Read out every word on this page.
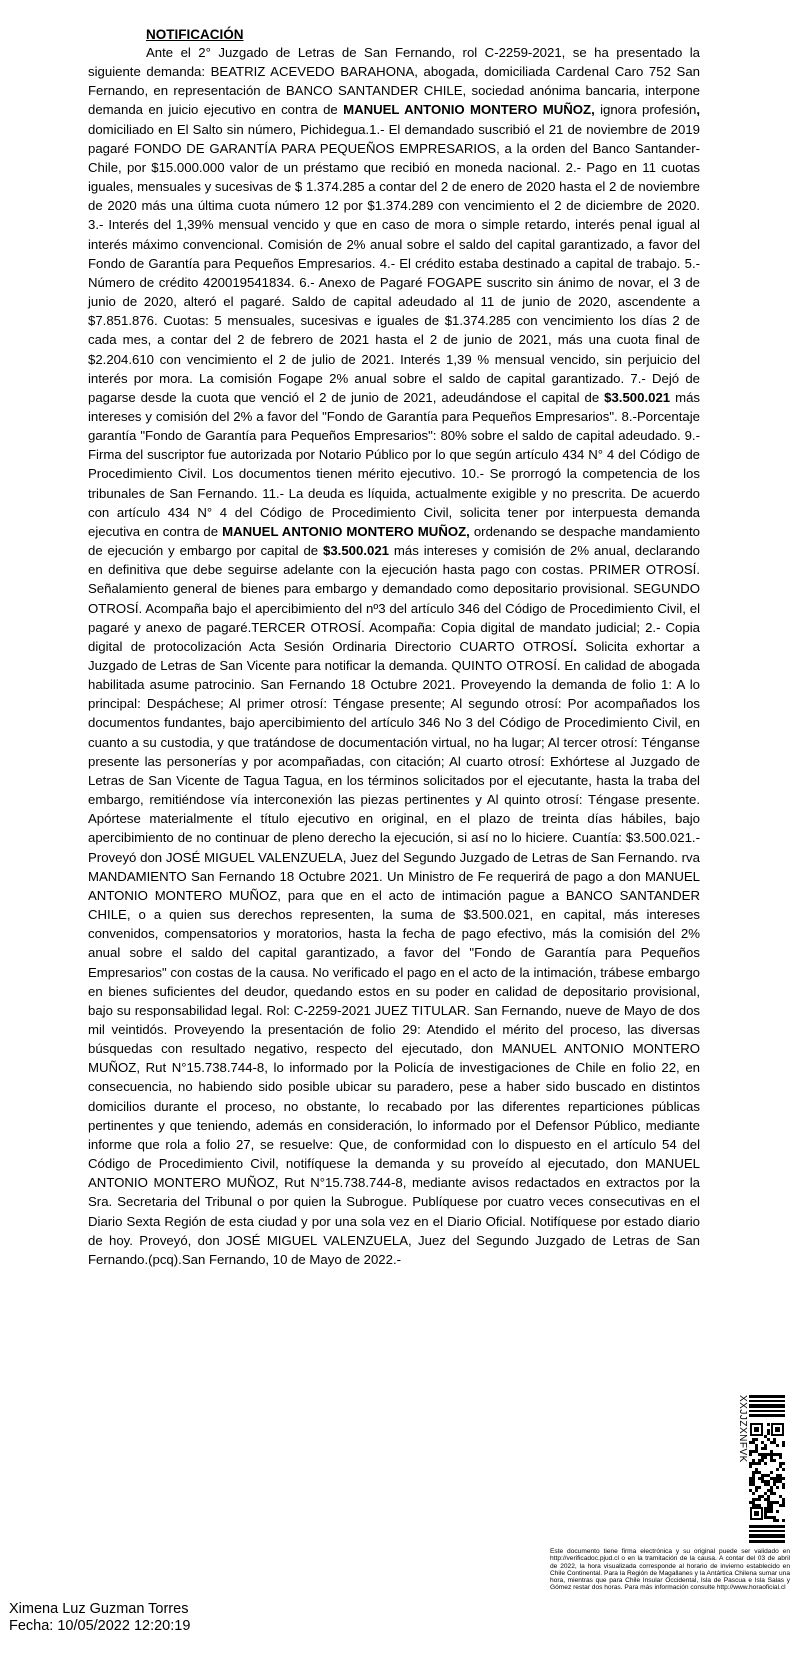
NOTIFICACIÓN

Ante el 2° Juzgado de Letras de San Fernando, rol C-2259-2021, se ha presentado la siguiente demanda: BEATRIZ ACEVEDO BARAHONA, abogada, domiciliada Cardenal Caro 752 San Fernando, en representación de BANCO SANTANDER CHILE, sociedad anónima bancaria, interpone demanda en juicio ejecutivo en contra de MANUEL ANTONIO MONTERO MUÑOZ, ignora profesión, domiciliado en El Salto sin número, Pichidegua.1.- El demandado suscribió el 21 de noviembre de 2019 pagaré FONDO DE GARANTÍA PARA PEQUEÑOS EMPRESARIOS, a la orden del Banco Santander-Chile, por $15.000.000 valor de un préstamo que recibió en moneda nacional. 2.- Pago en 11 cuotas iguales, mensuales y sucesivas de $ 1.374.285 a contar del 2 de enero de 2020 hasta el 2 de noviembre de 2020 más una última cuota número 12 por $1.374.289 con vencimiento el 2 de diciembre de 2020. 3.- Interés del 1,39% mensual vencido y que en caso de mora o simple retardo, interés penal igual al interés máximo convencional. Comisión de 2% anual sobre el saldo del capital garantizado, a favor del Fondo de Garantía para Pequeños Empresarios. 4.- El crédito estaba destinado a capital de trabajo. 5.- Número de crédito 420019541834. 6.- Anexo de Pagaré FOGAPE suscrito sin ánimo de novar, el 3 de junio de 2020, alteró el pagaré. Saldo de capital adeudado al 11 de junio de 2020, ascendente a $7.851.876. Cuotas: 5 mensuales, sucesivas e iguales de $1.374.285 con vencimiento los días 2 de cada mes, a contar del 2 de febrero de 2021 hasta el 2 de junio de 2021, más una cuota final de $2.204.610 con vencimiento el 2 de julio de 2021. Interés 1,39 % mensual vencido, sin perjuicio del interés por mora. La comisión Fogape 2% anual sobre el saldo de capital garantizado. 7.- Dejó de pagarse desde la cuota que venció el 2 de junio de 2021, adeudándose el capital de $3.500.021 más intereses y comisión del 2% a favor del "Fondo de Garantía para Pequeños Empresarios". 8.-Porcentaje garantía "Fondo de Garantía para Pequeños Empresarios": 80% sobre el saldo de capital adeudado. 9.- Firma del suscriptor fue autorizada por Notario Público por lo que según artículo 434 N° 4 del Código de Procedimiento Civil. Los documentos tienen mérito ejecutivo. 10.- Se prorrogó la competencia de los tribunales de San Fernando. 11.- La deuda es líquida, actualmente exigible y no prescrita. De acuerdo con artículo 434 N° 4 del Código de Procedimiento Civil, solicita tener por interpuesta demanda ejecutiva en contra de MANUEL ANTONIO MONTERO MUÑOZ, ordenando se despache mandamiento de ejecución y embargo por capital de $3.500.021 más intereses y comisión de 2% anual, declarando en definitiva que debe seguirse adelante con la ejecución hasta pago con costas. PRIMER OTROSÍ. Señalamiento general de bienes para embargo y demandado como depositario provisional. SEGUNDO OTROSÍ. Acompaña bajo el apercibimiento del nº3 del artículo 346 del Código de Procedimiento Civil, el pagaré y anexo de pagaré.TERCER OTROSÍ. Acompaña: Copia digital de mandato judicial; 2.- Copia digital de protocolización Acta Sesión Ordinaria Directorio CUARTO OTROSÍ. Solicita exhortar a Juzgado de Letras de San Vicente para notificar la demanda. QUINTO OTROSÍ. En calidad de abogada habilitada asume patrocinio. San Fernando 18 Octubre 2021. Proveyendo la demanda de folio 1: A lo principal: Despáchese; Al primer otrosí: Téngase presente; Al segundo otrosí: Por acompañados los documentos fundantes, bajo apercibimiento del artículo 346 No 3 del Código de Procedimiento Civil, en cuanto a su custodia, y que tratándose de documentación virtual, no ha lugar; Al tercer otrosí: Ténganse presente las personerías y por acompañadas, con citación; Al cuarto otrosí: Exhórtese al Juzgado de Letras de San Vicente de Tagua Tagua, en los términos solicitados por el ejecutante, hasta la traba del embargo, remitiéndose vía interconexión las piezas pertinentes y Al quinto otrosí: Téngase presente. Apórtese materialmente el título ejecutivo en original, en el plazo de treinta días hábiles, bajo apercibimiento de no continuar de pleno derecho la ejecución, si así no lo hiciere. Cuantía: $3.500.021.- Proveyó don JOSÉ MIGUEL VALENZUELA, Juez del Segundo Juzgado de Letras de San Fernando. rva MANDAMIENTO San Fernando 18 Octubre 2021. Un Ministro de Fe requerirá de pago a don MANUEL ANTONIO MONTERO MUÑOZ, para que en el acto de intimación pague a BANCO SANTANDER CHILE, o a quien sus derechos representen, la suma de $3.500.021, en capital, más intereses convenidos, compensatorios y moratorios, hasta la fecha de pago efectivo, más la comisión del 2% anual sobre el saldo del capital garantizado, a favor del "Fondo de Garantía para Pequeños Empresarios" con costas de la causa. No verificado el pago en el acto de la intimación, trábese embargo en bienes suficientes del deudor, quedando estos en su poder en calidad de depositario provisional, bajo su responsabilidad legal. Rol: C-2259-2021 JUEZ TITULAR. San Fernando, nueve de Mayo de dos mil veintidós. Proveyendo la presentación de folio 29: Atendido el mérito del proceso, las diversas búsquedas con resultado negativo, respecto del ejecutado, don MANUEL ANTONIO MONTERO MUÑOZ, Rut N°15.738.744-8, lo informado por la Policía de investigaciones de Chile en folio 22, en consecuencia, no habiendo sido posible ubicar su paradero, pese a haber sido buscado en distintos domicilios durante el proceso, no obstante, lo recabado por las diferentes reparticiones públicas pertinentes y que teniendo, además en consideración, lo informado por el Defensor Público, mediante informe que rola a folio 27, se resuelve: Que, de conformidad con lo dispuesto en el artículo 54 del Código de Procedimiento Civil, notifíquese la demanda y su proveído al ejecutado, don MANUEL ANTONIO MONTERO MUÑOZ, Rut N°15.738.744-8, mediante avisos redactados en extractos por la Sra. Secretaria del Tribunal o por quien la Subrogue. Publíquese por cuatro veces consecutivas en el Diario Sexta Región de esta ciudad y por una sola vez en el Diario Oficial. Notifíquese por estado diario de hoy. Proveyó, don JOSÉ MIGUEL VALENZUELA, Juez del Segundo Juzgado de Letras de San Fernando.(pcq).San Fernando, 10 de Mayo de 2022.-

XXJJZXNFVK

Este documento tiene firma electrónica y su original puede ser validado en http://verificadoc.pjud.cl o en la tramitación de la causa. A contar del 03 de abril de 2022, la hora visualizada corresponde al horario de invierno establecido en Chile Continental. Para la Región de Magallanes y la Antártica Chilena sumar una hora, mientras que para Chile Insular Occidental, Isla de Pascua e Isla Salas y Gómez restar dos horas. Para más información consulte http://www.horaoficial.cl

Ximena Luz Guzman Torres
Fecha: 10/05/2022 12:20:19
